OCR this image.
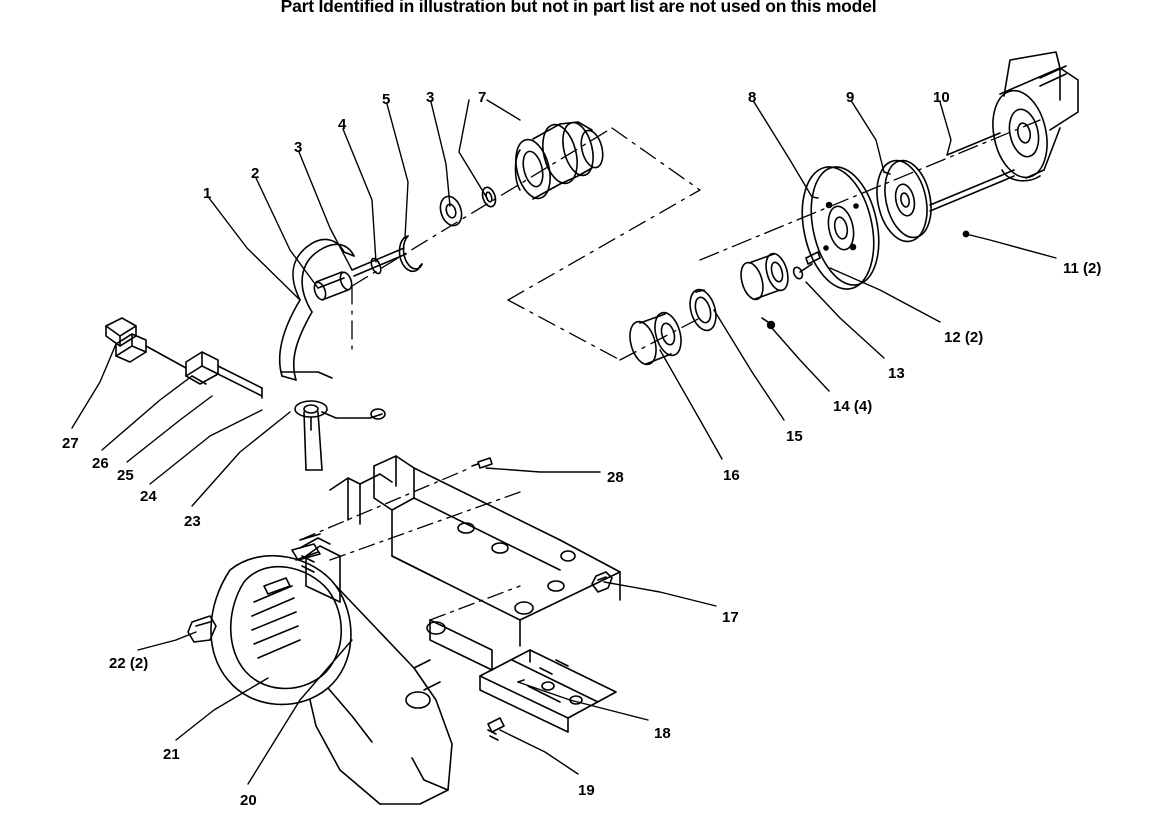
Part Identified in illustration but not in part list are not used on this model
1
2
3
4
5 3	7	8	9	10
11 (2)
12 (2)
13
14 (4)
15
16
17
18
19
20
21
22 (2)
23
24
25
26
27
28
